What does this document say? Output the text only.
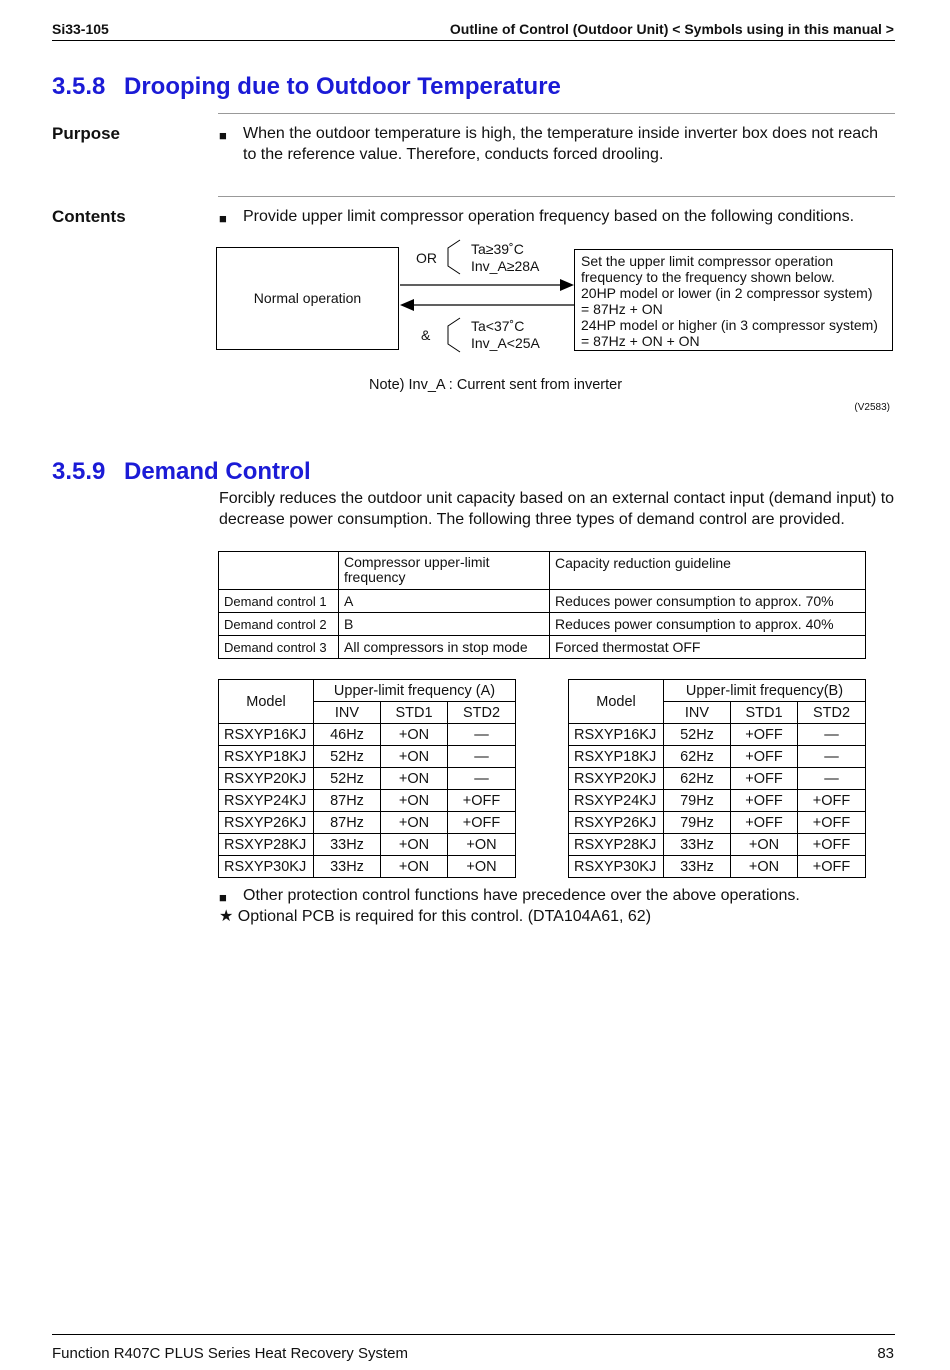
Si33-105	Outline of Control (Outdoor Unit) < Symbols using in this manual >
3.5.8 Drooping due to Outdoor Temperature
Purpose	■	When the outdoor temperature is high, the temperature inside inverter box does not reach to the reference value. Therefore, conducts forced drooling.
Contents	■	Provide upper limit compressor operation frequency based on the following conditions.
Normal operation
OR
Ta≥39˚C
Inv_A≥28A
&
Ta<37˚C
Inv_A<25A
Set the upper limit compressor operation
frequency to the frequency shown below.
20HP model or lower (in 2 compressor system)
= 87Hz + ON
24HP model or higher (in 3 compressor system)
= 87Hz + ON + ON
Note) Inv_A : Current sent from inverter
(V2583)
3.5.9 Demand Control
Forcibly reduces the outdoor unit capacity based on an external contact input (demand input) to decrease power consumption. The following three types of demand control are provided.
	Compressor upper-limit frequency	Capacity reduction guideline
Demand control 1	A	Reduces power consumption to approx. 70%
Demand control 2	B	Reduces power consumption to approx. 40%
Demand control 3	All compressors in stop mode	Forced thermostat OFF
Model	Upper-limit frequency (A)		
	INV	STD1	STD2
RSXYP16KJ	46Hz	+ON	—
RSXYP18KJ	52Hz	+ON	—
RSXYP20KJ	52Hz	+ON	—
RSXYP24KJ	87Hz	+ON	+OFF
RSXYP26KJ	87Hz	+ON	+OFF
RSXYP28KJ	33Hz	+ON	+ON
RSXYP30KJ	33Hz	+ON	+ON
Model	Upper-limit frequency(B)		
	INV	STD1	STD2
RSXYP16KJ	52Hz	+OFF	—
RSXYP18KJ	62Hz	+OFF	—
RSXYP20KJ	62Hz	+OFF	—
RSXYP24KJ	79Hz	+OFF	+OFF
RSXYP26KJ	79Hz	+OFF	+OFF
RSXYP28KJ	33Hz	+ON	+OFF
RSXYP30KJ	33Hz	+ON	+OFF
■	Other protection control functions have precedence over the above operations.
★ Optional PCB is required for this control. (DTA104A61, 62)
Function R407C PLUS Series Heat Recovery System	83
